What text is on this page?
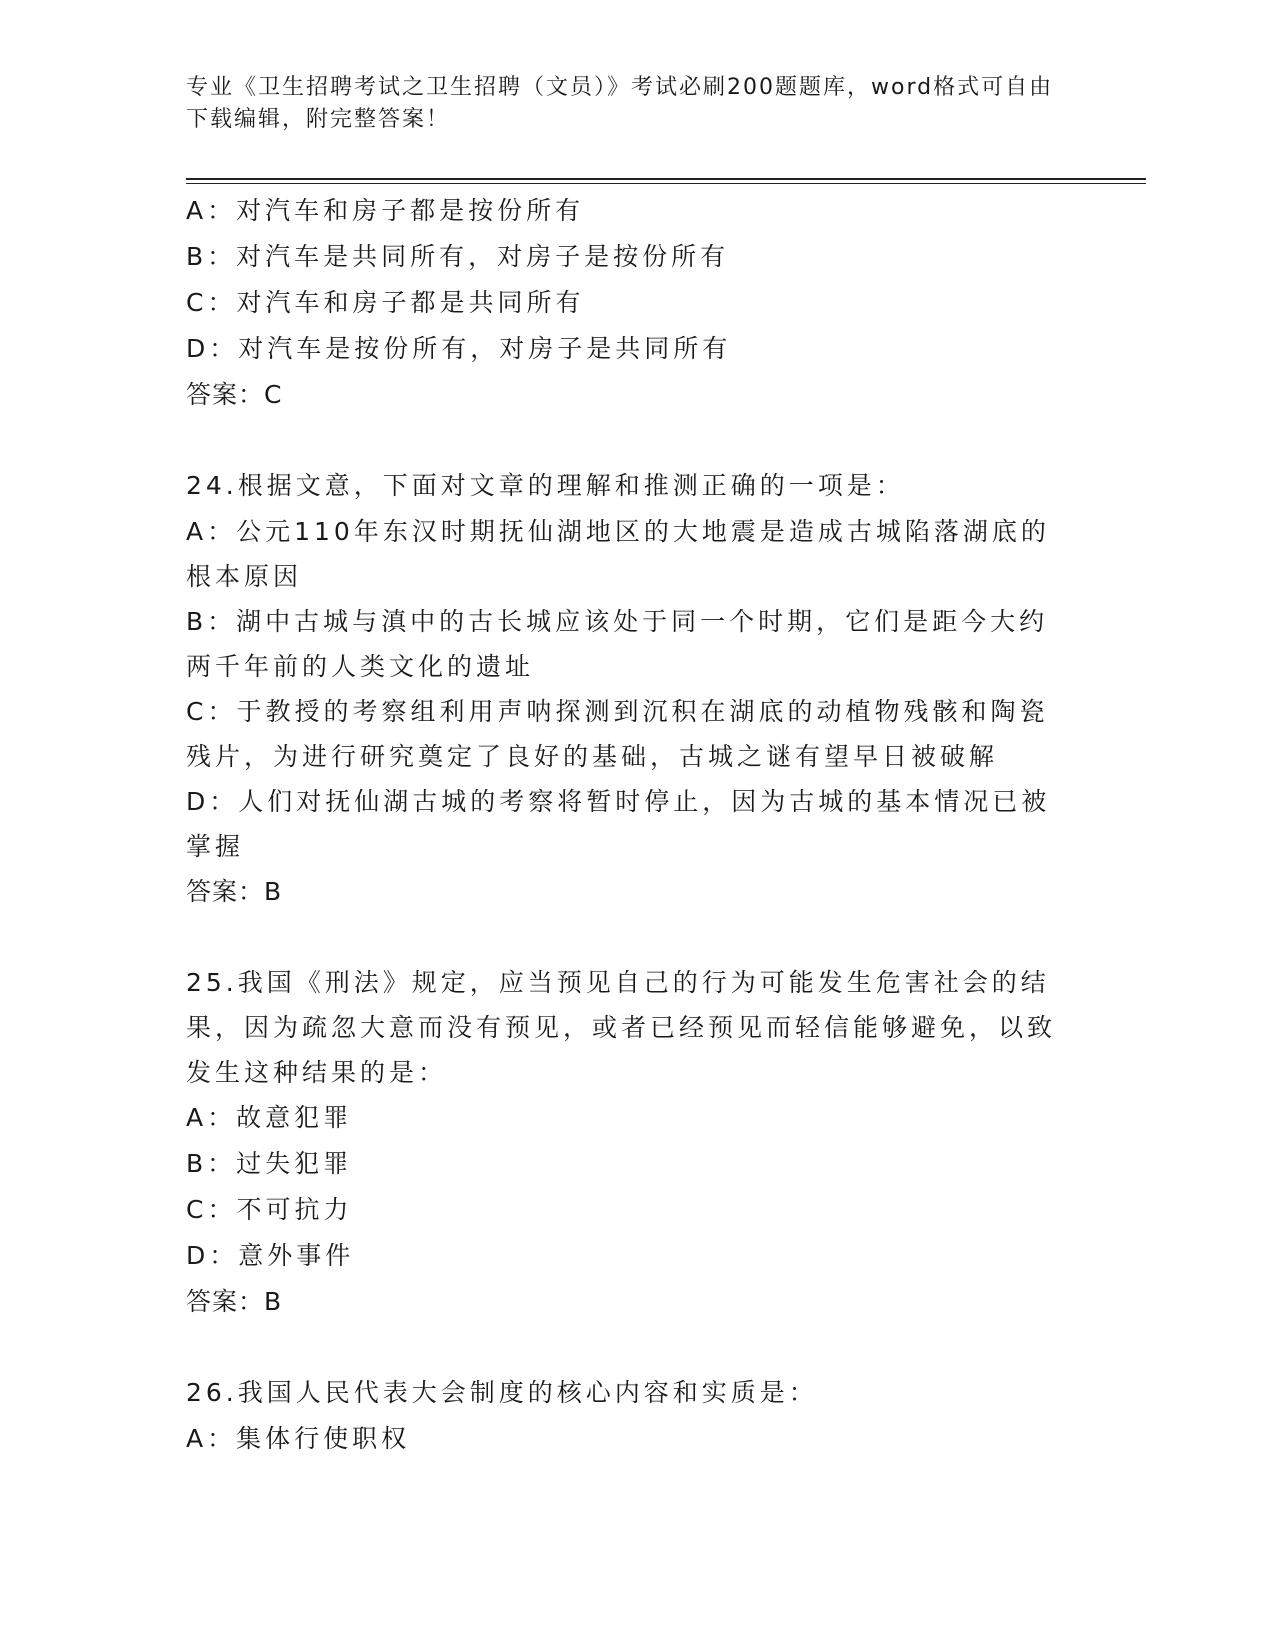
专业《卫生招聘考试之卫生招聘（文员）》考试必刷200题题库，word格式可自由下载编辑，附完整答案！
A：对汽车和房子都是按份所有
B：对汽车是共同所有，对房子是按份所有
C：对汽车和房子都是共同所有
D：对汽车是按份所有，对房子是共同所有
答案：C
24.根据文意，下面对文章的理解和推测正确的一项是：
A：公元110年东汉时期抚仙湖地区的大地震是造成古城陷落湖底的根本原因
B：湖中古城与滇中的古长城应该处于同一个时期，它们是距今大约两千年前的人类文化的遗址
C：于教授的考察组利用声呐探测到沉积在湖底的动植物残骸和陶瓷残片，为进行研究奠定了良好的基础，古城之谜有望早日被破解
D：人们对抚仙湖古城的考察将暂时停止，因为古城的基本情况已被掌握
答案：B
25.我国《刑法》规定，应当预见自己的行为可能发生危害社会的结果，因为疏忽大意而没有预见，或者已经预见而轻信能够避免，以致发生这种结果的是：
A：故意犯罪
B：过失犯罪
C：不可抗力
D：意外事件
答案：B
26.我国人民代表大会制度的核心内容和实质是：
A：集体行使职权
